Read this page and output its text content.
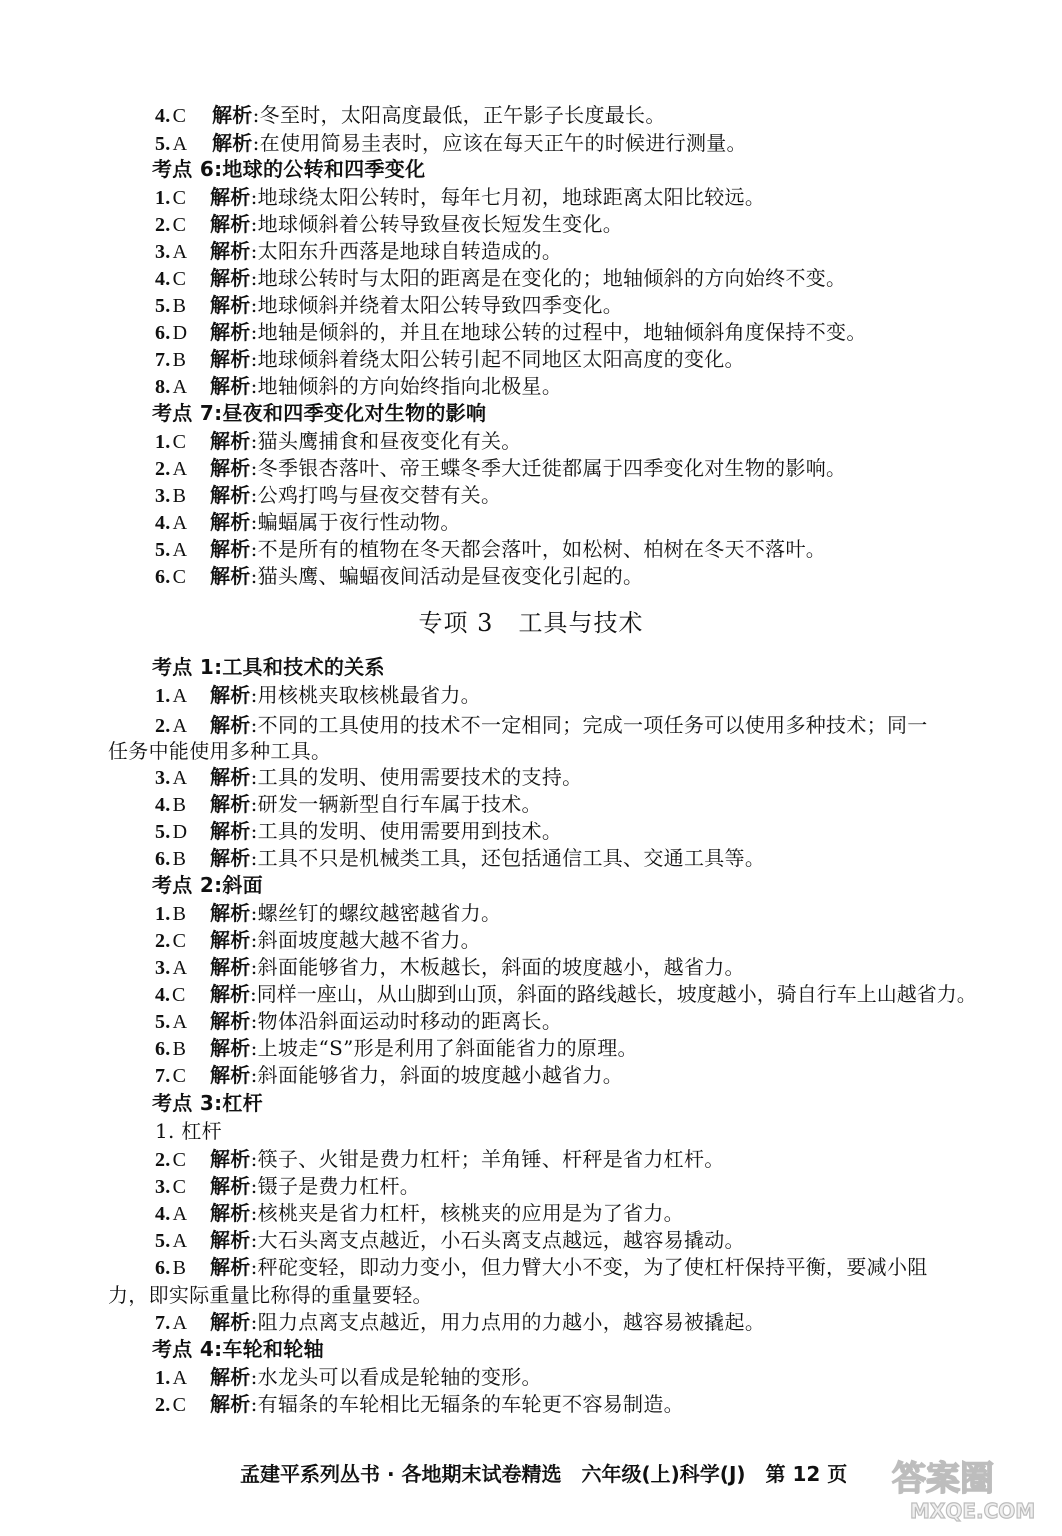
4. C 解析:冬至时，太阳高度最低，正午影子长度最长。
5. A 解析:在使用简易圭表时，应该在每天正午的时候进行测量。
考点 6:地球的公转和四季变化
1. C 解析:地球绕太阳公转时，每年七月初，地球距离太阳比较远。
2. C 解析:地球倾斜着公转导致昼夜长短发生变化。
3. A 解析:太阳东升西落是地球自转造成的。
4. C 解析:地球公转时与太阳的距离是在变化的；地轴倾斜的方向始终不变。
5. B 解析:地球倾斜并绕着太阳公转导致四季变化。
6. D 解析:地轴是倾斜的，并且在地球公转的过程中，地轴倾斜角度保持不变。
7. B 解析:地球倾斜着绕太阳公转引起不同地区太阳高度的变化。
8. A 解析:地轴倾斜的方向始终指向北极星。
考点 7:昼夜和四季变化对生物的影响
1. C 解析:猫头鹰捕食和昼夜变化有关。
2. A 解析:冬季银杏落叶、帝王蝶冬季大迁徙都属于四季变化对生物的影响。
3. B 解析:公鸡打鸣与昼夜交替有关。
4. A 解析:蝙蝠属于夜行性动物。
5. A 解析:不是所有的植物在冬天都会落叶，如松树、柏树在冬天不落叶。
6. C 解析:猫头鹰、蝙蝠夜间活动是昼夜变化引起的。
专项 3　工具与技术
考点 1:工具和技术的关系
1. A 解析:用核桃夹取核桃最省力。
2. A 解析:不同的工具使用的技术不一定相同；完成一项任务可以使用多种技术；同一
任务中能使用多种工具。
3. A 解析:工具的发明、使用需要技术的支持。
4. B 解析:研发一辆新型自行车属于技术。
5. D 解析:工具的发明、使用需要用到技术。
6. B 解析:工具不只是机械类工具，还包括通信工具、交通工具等。
考点 2:斜面
1. B 解析:螺丝钉的螺纹越密越省力。
2. C 解析:斜面坡度越大越不省力。
3. A 解析:斜面能够省力，木板越长，斜面的坡度越小，越省力。
4. C 解析:同样一座山，从山脚到山顶，斜面的路线越长，坡度越小，骑自行车上山越省力。
5. A 解析:物体沿斜面运动时移动的距离长。
6. B 解析:上坡走“S”形是利用了斜面能省力的原理。
7. C 解析:斜面能够省力，斜面的坡度越小越省力。
考点 3:杠杆
1. 杠杆
2. C 解析:筷子、火钳是费力杠杆；羊角锤、杆秤是省力杠杆。
3. C 解析:镊子是费力杠杆。
4. A 解析:核桃夹是省力杠杆，核桃夹的应用是为了省力。
5. A 解析:大石头离支点越近，小石头离支点越远，越容易撬动。
6. B 解析:秤砣变轻，即动力变小，但力臂大小不变，为了使杠杆保持平衡，要减小阻
力，即实际重量比称得的重量要轻。
7. A 解析:阻力点离支点越近，用力点用的力越小，越容易被撬起。
考点 4:车轮和轮轴
1. A 解析:水龙头可以看成是轮轴的变形。
2. C 解析:有辐条的车轮相比无辐条的车轮更不容易制造。
孟建平系列丛书 · 各地期末试卷精选　六年级(上)科学(J)　第 12 页 答案圈
MXQE.COM
